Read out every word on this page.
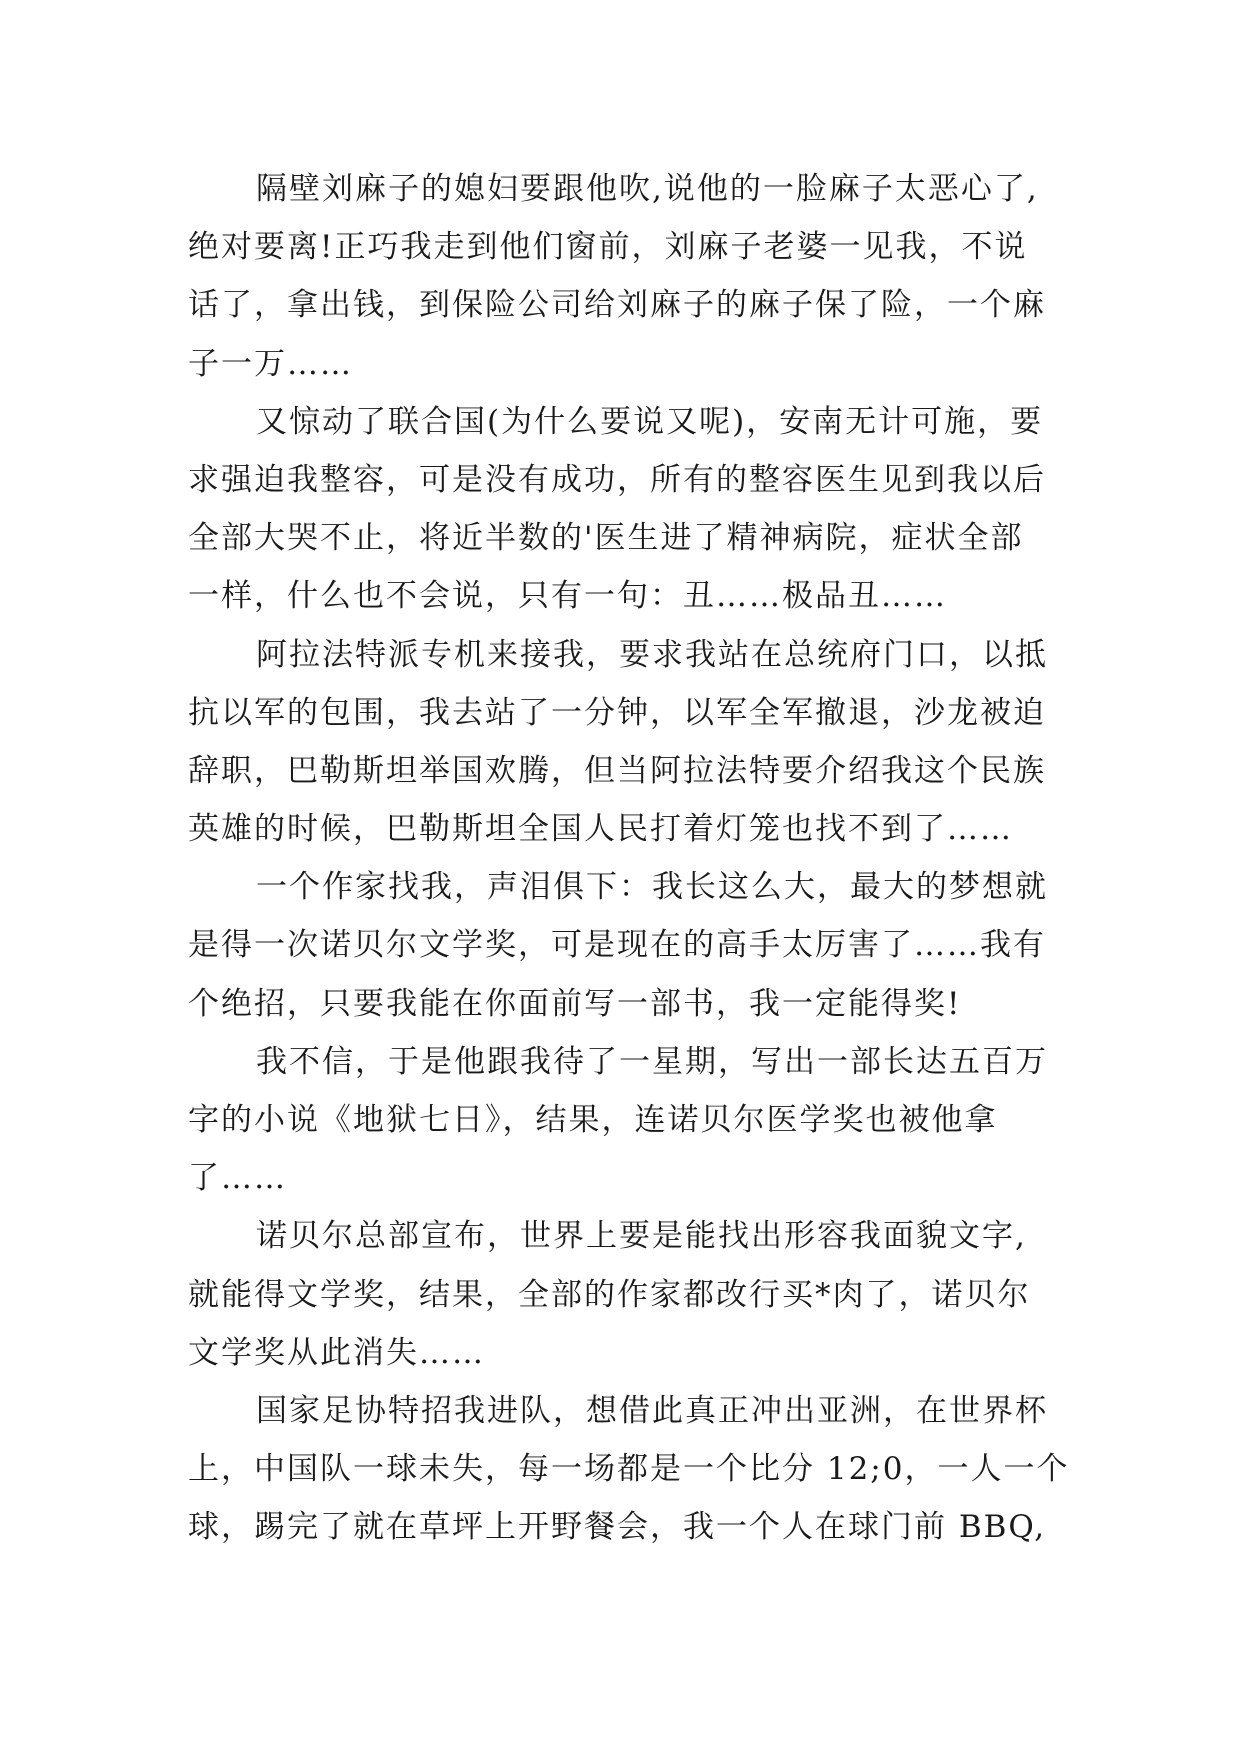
隔壁刘麻子的媳妇要跟他吹,说他的一脸麻子太恶心了,
绝对要离!正巧我走到他们窗前，刘麻子老婆一见我，不说
话了，拿出钱，到保险公司给刘麻子的麻子保了险，一个麻
子一万……

又惊动了联合国(为什么要说又呢)，安南无计可施，要
求强迫我整容，可是没有成功，所有的整容医生见到我以后
全部大哭不止，将近半数的'医生进了精神病院，症状全部
一样，什么也不会说，只有一句：丑……极品丑……

阿拉法特派专机来接我，要求我站在总统府门口，以抵
抗以军的包围，我去站了一分钟，以军全军撤退，沙龙被迫
辞职，巴勒斯坦举国欢腾，但当阿拉法特要介绍我这个民族
英雄的时候，巴勒斯坦全国人民打着灯笼也找不到了……

一个作家找我，声泪俱下：我长这么大，最大的梦想就
是得一次诺贝尔文学奖，可是现在的高手太厉害了……我有
个绝招，只要我能在你面前写一部书，我一定能得奖!

我不信，于是他跟我待了一星期，写出一部长达五百万
字的小说《地狱七日》，结果，连诺贝尔医学奖也被他拿
了……

诺贝尔总部宣布，世界上要是能找出形容我面貌文字,
就能得文学奖，结果，全部的作家都改行买*肉了，诺贝尔
文学奖从此消失……

国家足协特招我进队，想借此真正冲出亚洲，在世界杯
上，中国队一球未失，每一场都是一个比分 12;0，一人一个
球，踢完了就在草坪上开野餐会，我一个人在球门前 BBQ,
